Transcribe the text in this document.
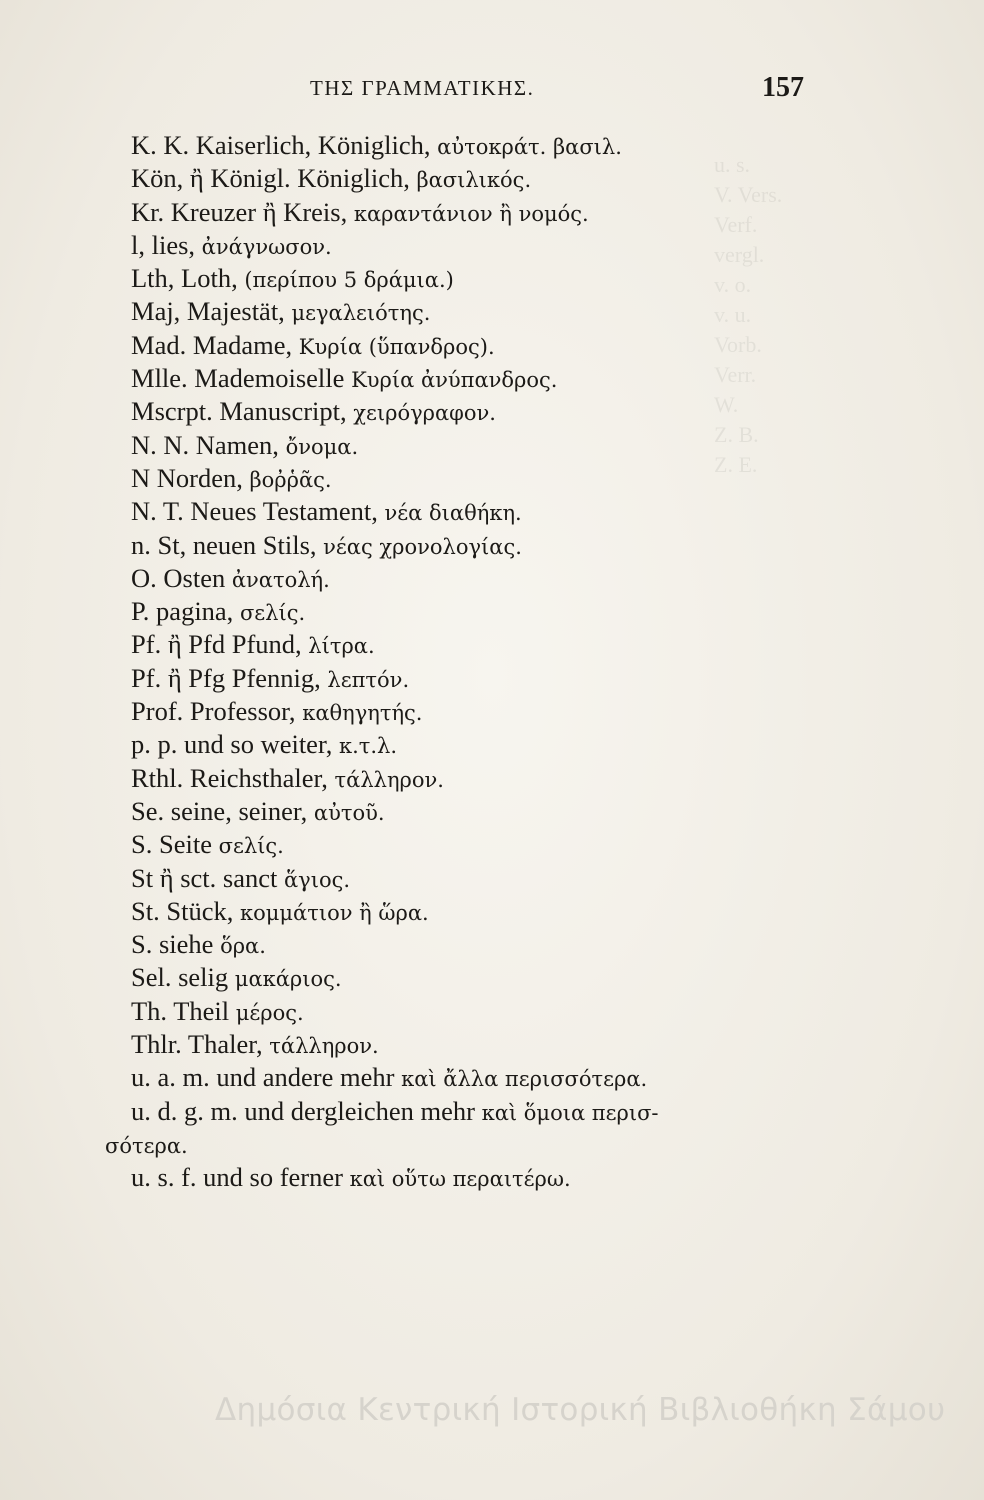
u. s.
V. Vers.
Verf.
vergl.
v. o.
v. u.
Vorb.
Verr.
W.
Z. B.
Z. E.
ΤΗΣ ΓΡΑΜΜΑΤΙΚΗΣ.	157
K. K. Kaiserlich, Königlich, αὐτοκράτ. βασιλ.
Kön, ἢ Königl. Königlich, βασιλικός.
Kr. Kreuzer ἢ Kreis, καραντάνιον ἢ νομός.
l, lies, ἀνάγνωσον.
Lth, Loth, (περίπου 5 δράμια.)
Maj, Majestät, μεγαλειότης.
Mad. Madame, Κυρία (ὕπανδρος).
Mlle. Mademoiselle Κυρία ἀνύπανδρος.
Mscrpt. Manuscript, χειρόγραφον.
N. N. Namen, ὄνομα.
N Norden, βοῤῥᾶς.
N. T. Neues Testament, νέα διαθήκη.
n. St, neuen Stils, νέας χρονολογίας.
O. Osten ἀνατολή.
P. pagina, σελίς.
Pf. ἢ Pfd Pfund, λίτρα.
Pf. ἢ Pfg Pfennig, λεπτόν.
Prof. Professor, καθηγητής.
p. p. und so weiter, κ.τ.λ.
Rthl. Reichsthaler, τάλληρον.
Se. seine, seiner, αὐτοῦ.
S. Seite σελίς.
St ἢ sct. sanct ἅγιος.
St. Stück, κομμάτιον ἢ ὥρα.
S. siehe ὅρα.
Sel. selig μακάριος.
Th. Theil μέρος.
Thlr. Thaler, τάλληρον.
u. a. m. und andere mehr καὶ ἄλλα περισσότερα.
u. d. g. m. und dergleichen mehr καὶ ὅμοια περισ-
σότερα.
u. s. f. und so ferner καὶ οὕτω περαιτέρω.
Δημόσια Κεντρική Ιστορική Βιβλιοθήκη Σάμου
